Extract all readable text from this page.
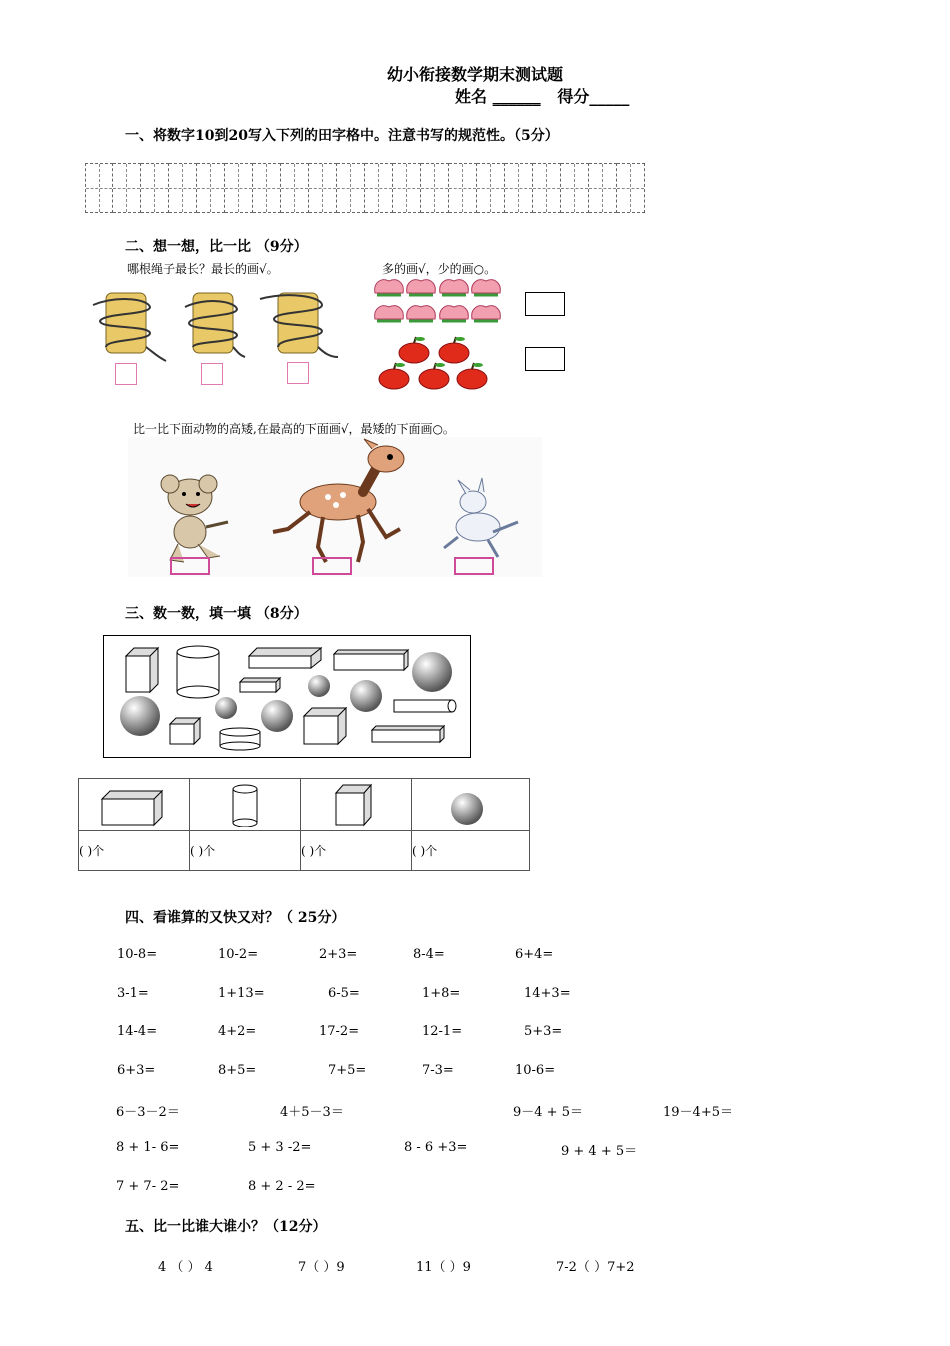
幼小衔接数学期末测试题
姓名 ______ 得分_____
一、将数字10到20写入下列的田字格中。注意书写的规范性。（5分）
二、想一想，比一比 （9分）
哪根绳子最长？最长的画√。	多的画√，少的画○。
比一比下面动物的高矮,在最高的下面画√，最矮的下面画○。
三、数一数，填一填 （8分）

( )个	( )个	( )个	( )个
四、看谁算的又快又对？（ 25分）
10-8=	10-2=	2+3=	8-4=	6+4=
3-1=	1+13=	6-5=	1+8=	14+3=
14-4=	4+2=	17-2=	12-1=	5+3=
6+3=	8+5=	7+5=	7-3=	10-6=
6－3－2＝	4＋5－3＝	9－4 + 5＝	19－4+5＝
8 + 1- 6=	5 + 3 -2=	8 - 6 +3=	9 + 4 + 5＝
7 + 7- 2=	8 + 2 - 2=
五、比一比谁大谁小？（12分）
4 （ ） 4	7（ ）9	11（ ）9	7-2（ ）7+2
